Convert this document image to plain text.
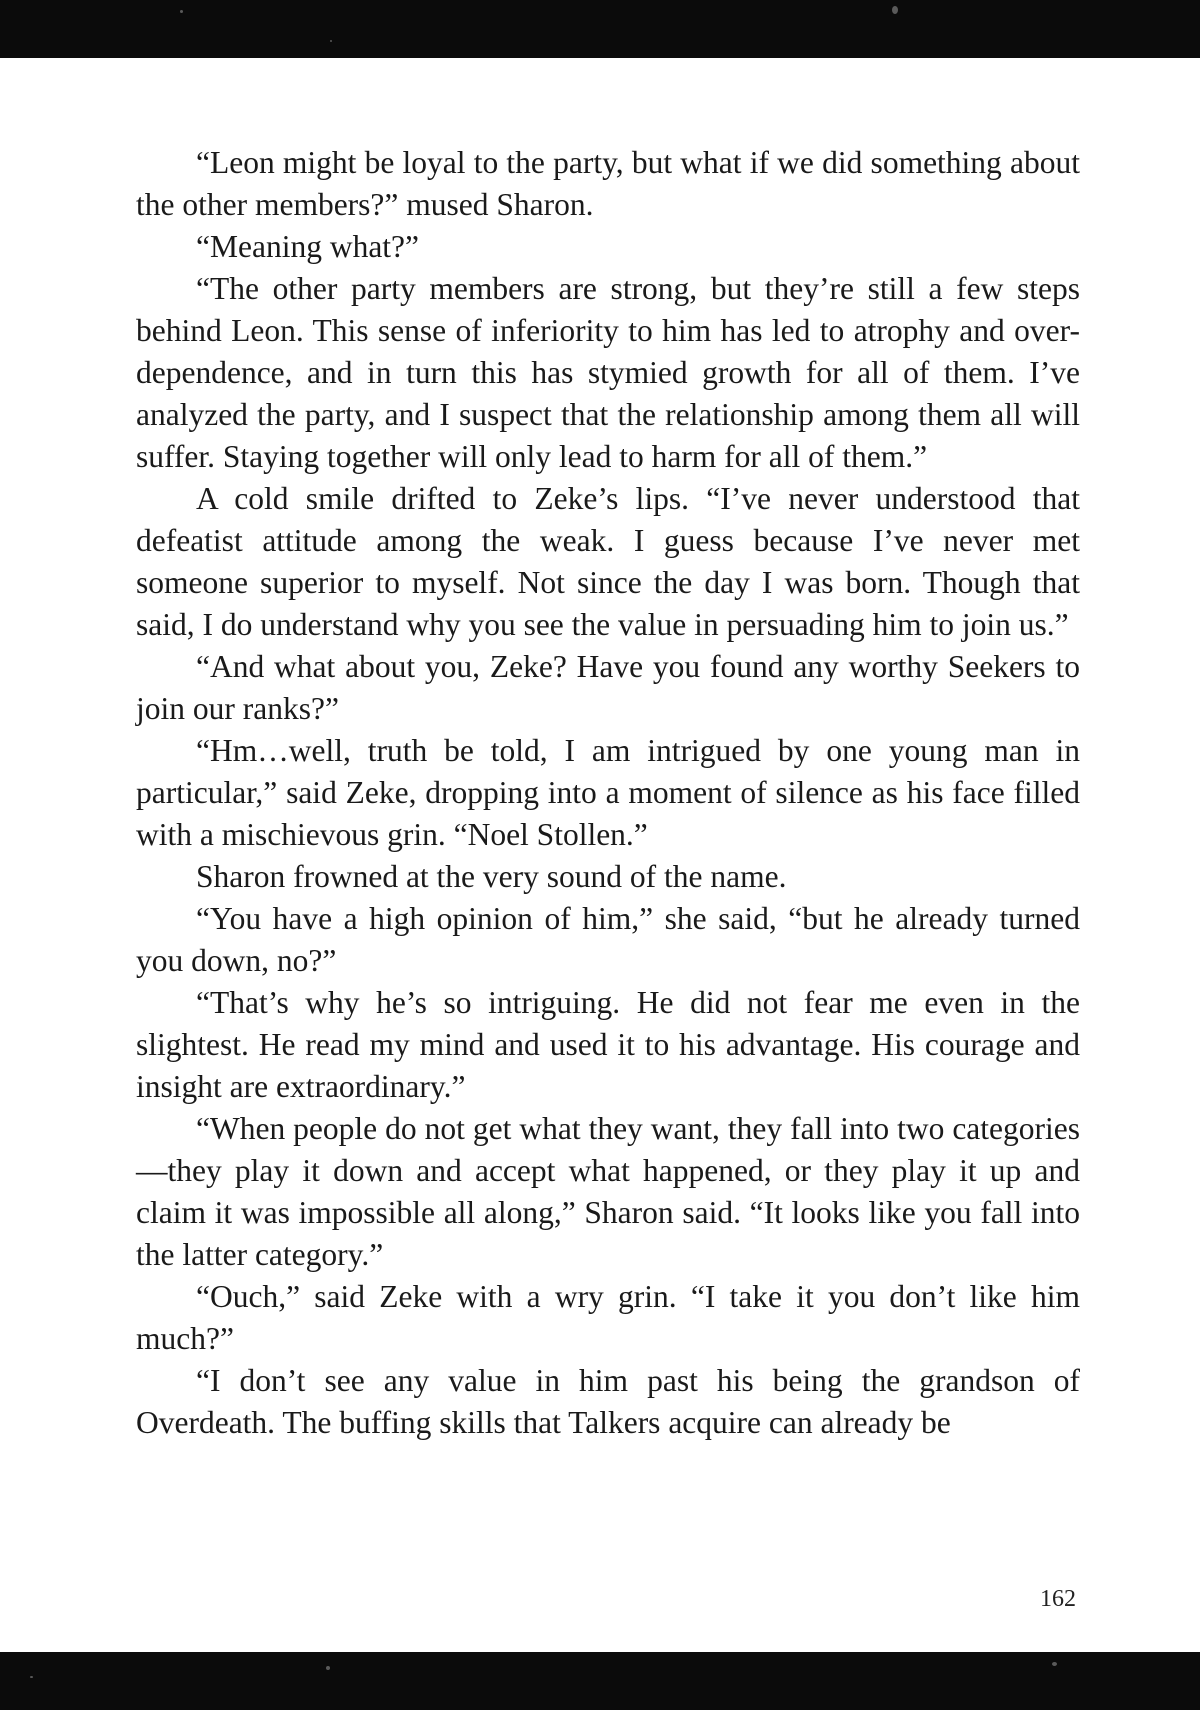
“Leon might be loyal to the party, but what if we did something about the other members?” mused Sharon.

“Meaning what?”

“The other party members are strong, but they’re still a few steps behind Leon. This sense of inferiority to him has led to atrophy and over-dependence, and in turn this has stymied growth for all of them. I’ve analyzed the party, and I suspect that the relationship among them all will suffer. Staying together will only lead to harm for all of them.”

A cold smile drifted to Zeke’s lips. “I’ve never understood that defeatist attitude among the weak. I guess because I’ve never met someone superior to myself. Not since the day I was born. Though that said, I do understand why you see the value in persuading him to join us.”

“And what about you, Zeke? Have you found any worthy Seekers to join our ranks?”

“Hm…well, truth be told, I am intrigued by one young man in particular,” said Zeke, dropping into a moment of silence as his face filled with a mischievous grin. “Noel Stollen.”

Sharon frowned at the very sound of the name.

“You have a high opinion of him,” she said, “but he already turned you down, no?”

“That’s why he’s so intriguing. He did not fear me even in the slightest. He read my mind and used it to his advantage. His courage and insight are extraordinary.”

“When people do not get what they want, they fall into two categories—they play it down and accept what happened, or they play it up and claim it was impossible all along,” Sharon said. “It looks like you fall into the latter category.”

“Ouch,” said Zeke with a wry grin. “I take it you don’t like him much?”

“I don’t see any value in him past his being the grandson of Overdeath. The buffing skills that Talkers acquire can already be

162
